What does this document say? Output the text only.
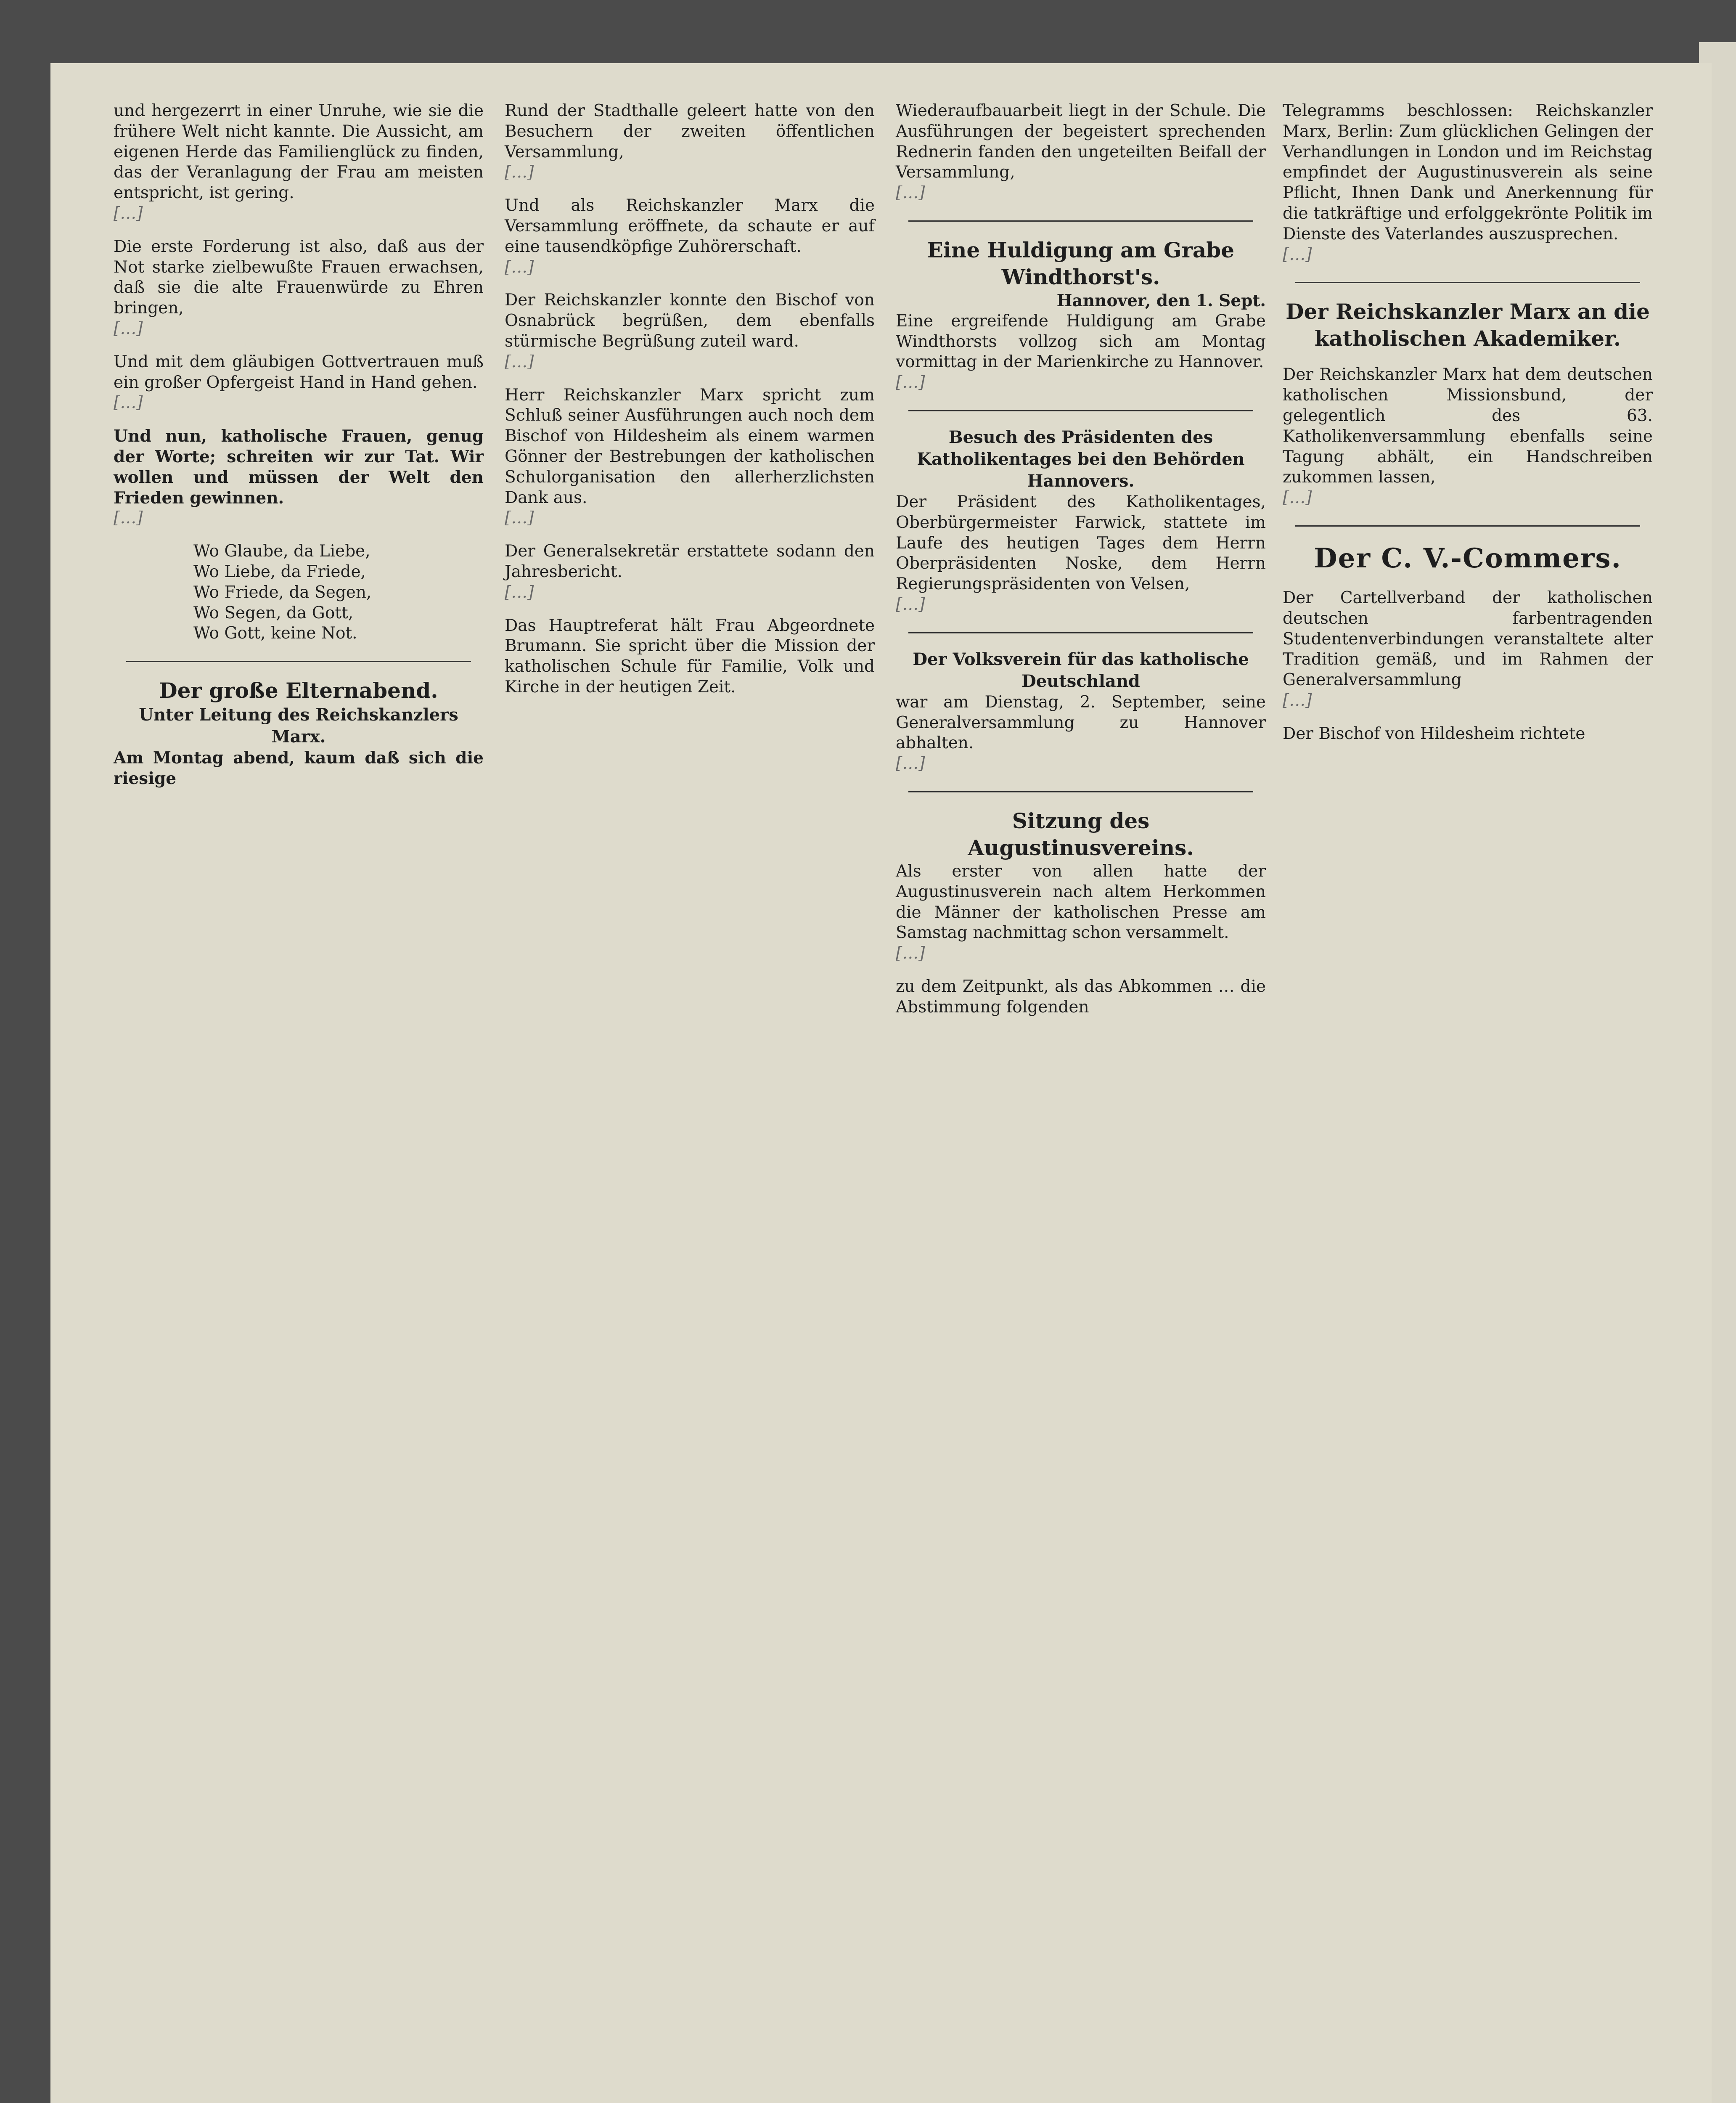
und hergezerrt in einer Unruhe, wie sie die frühere Welt nicht kannte. Die Aussicht, am eigenen Herde das Familienglück zu finden, das der Veranlagung der Frau am meisten entspricht, ist gering.

[…]

Die erste Forderung ist also, daß aus der Not starke zielbewußte Frauen erwachsen, daß sie die alte Frauenwürde zu Ehren bringen,

[…]

Und mit dem gläubigen Gottvertrauen muß ein großer Opfergeist Hand in Hand gehen.

[…]

Und nun, katholische Frauen, genug der Worte; schreiten wir zur Tat. Wir wollen und müssen der Welt den Frieden gewinnen.

[…]

Wo Glaube, da Liebe,

Wo Liebe, da Friede,

Wo Friede, da Segen,

Wo Segen, da Gott,

Wo Gott, keine Not.

Der große Elternabend.

Unter Leitung des Reichskanzlers Marx.

Am Montag abend, kaum daß sich die riesige

Rund der Stadthalle geleert hatte von den Besuchern der zweiten öffentlichen Versammlung,

[…]

Und als Reichskanzler Marx die Versammlung eröffnete, da schaute er auf eine tausendköpfige Zuhörerschaft.

[…]

Der Reichskanzler konnte den Bischof von Osnabrück begrüßen, dem ebenfalls stürmische Begrüßung zuteil ward.

[…]

Herr Reichskanzler Marx spricht zum Schluß seiner Ausführungen auch noch dem Bischof von Hildesheim als einem warmen Gönner der Bestrebungen der katholischen Schulorganisation den allerherzlichsten Dank aus.

[…]

Der Generalsekretär erstattete sodann den Jahresbericht.

[…]

Das Hauptreferat hält Frau Abgeordnete Brumann. Sie spricht über die Mission der katholischen Schule für Familie, Volk und Kirche in der heutigen Zeit.

Wiederaufbauarbeit liegt in der Schule. Die Ausführungen der begeistert sprechenden Rednerin fanden den ungeteilten Beifall der Versammlung,

[…]

Eine Huldigung am Grabe Windthorst's.

Hannover, den 1. Sept.

Eine ergreifende Huldigung am Grabe Windthorsts vollzog sich am Montag vormittag in der Marienkirche zu Hannover.

[…]

Besuch des Präsidenten des Katholikentages bei den Behörden Hannovers.

Der Präsident des Katholikentages, Oberbürgermeister Farwick, stattete im Laufe des heutigen Tages dem Herrn Oberpräsidenten Noske, dem Herrn Regierungspräsidenten von Velsen,

[…]

Der Volksverein für das katholische Deutschland

war am Dienstag, 2. September, seine Generalversammlung zu Hannover abhalten.

[…]

Sitzung des Augustinusvereins.

Als erster von allen hatte der Augustinusverein nach altem Herkommen die Männer der katholischen Presse am Samstag nachmittag schon versammelt.

[…]

zu dem Zeitpunkt, als das Abkommen … die Abstimmung folgenden

Telegramms beschlossen: Reichskanzler Marx, Berlin: Zum glücklichen Gelingen der Verhandlungen in London und im Reichstag empfindet der Augustinusverein als seine Pflicht, Ihnen Dank und Anerkennung für die tatkräftige und erfolggekrönte Politik im Dienste des Vaterlandes auszusprechen.

[…]

Der Reichskanzler Marx an die katholischen Akademiker.

Der Reichskanzler Marx hat dem deutschen katholischen Missionsbund, der gelegentlich des 63. Katholikenversammlung ebenfalls seine Tagung abhält, ein Handschreiben zukommen lassen,

[…]

Der C. V.-Commers.

Der Cartellverband der katholischen deutschen farbentragenden Studentenverbindungen veranstaltete alter Tradition gemäß, und im Rahmen der Generalversammlung

[…]

Der Bischof von Hildesheim richtete
